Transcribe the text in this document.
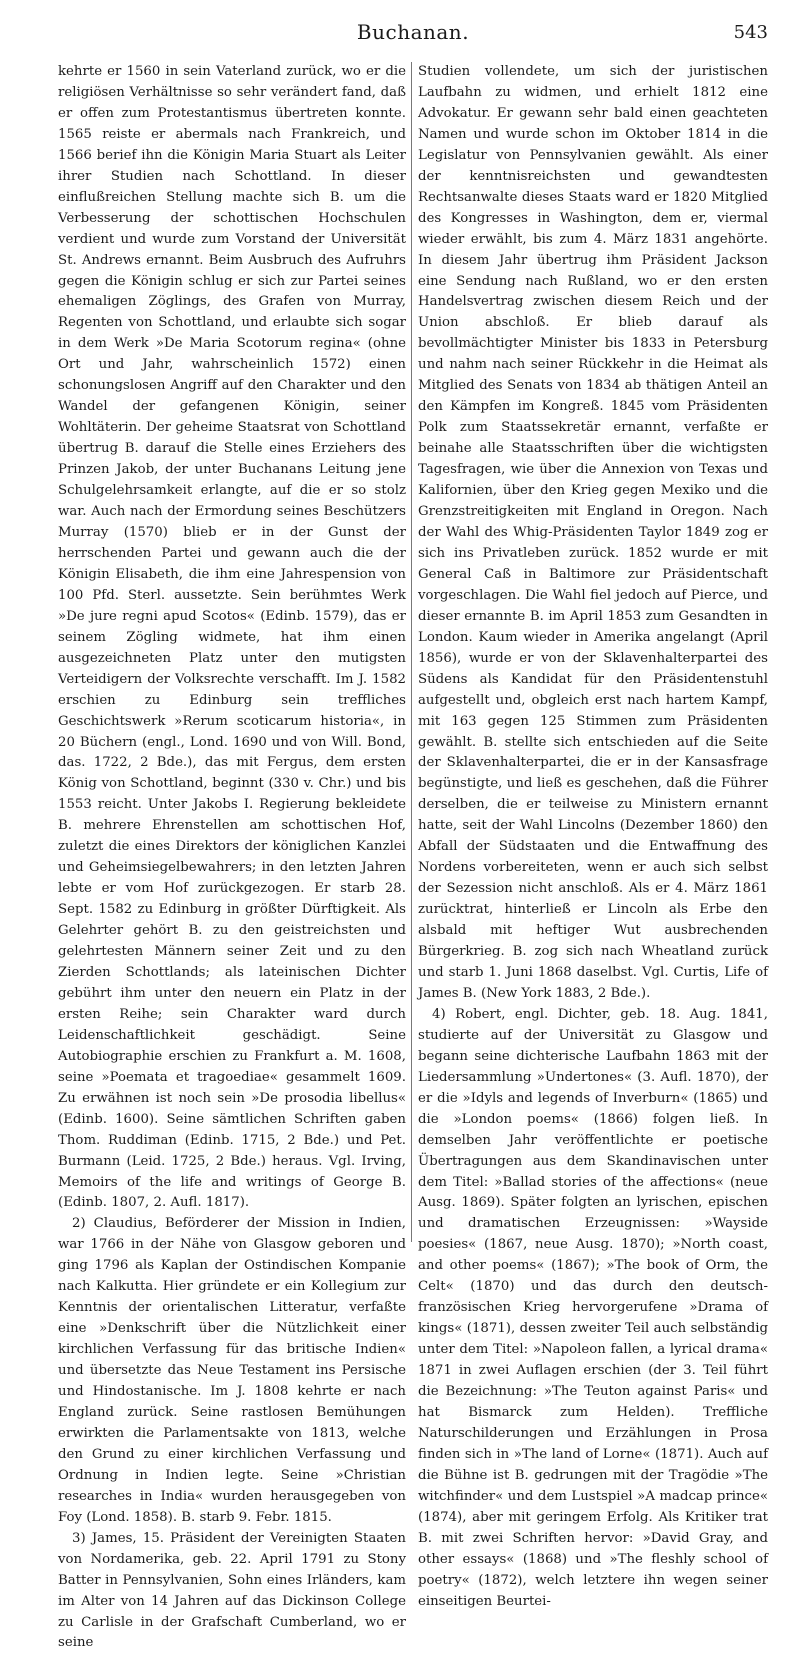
Buchanan.	543

kehrte er 1560 in sein Vaterland zurück, wo er die religiösen Verhältnisse so sehr verändert fand, daß er offen zum Protestantismus übertreten konnte. 1565 reiste er abermals nach Frankreich, und 1566 berief ihn die Königin Maria Stuart als Leiter ihrer Studien nach Schottland. In dieser einflußreichen Stellung machte sich B. um die Verbesserung der schottischen Hochschulen verdient und wurde zum Vorstand der Universität St. Andrews ernannt. Beim Ausbruch des Aufruhrs gegen die Königin schlug er sich zur Partei seines ehemaligen Zöglings, des Grafen von Murray, Regenten von Schottland, und erlaubte sich sogar in dem Werk »De Maria Scotorum regina« (ohne Ort und Jahr, wahrscheinlich 1572) einen schonungslosen Angriff auf den Charakter und den Wandel der gefangenen Königin, seiner Wohltäterin. Der geheime Staatsrat von Schottland übertrug B. darauf die Stelle eines Erziehers des Prinzen Jakob, der unter Buchanans Leitung jene Schulgelehrsamkeit erlangte, auf die er so stolz war. Auch nach der Ermordung seines Beschützers Murray (1570) blieb er in der Gunst der herrschenden Partei und gewann auch die der Königin Elisabeth, die ihm eine Jahrespension von 100 Pfd. Sterl. aussetzte. Sein berühmtes Werk »De jure regni apud Scotos« (Edinb. 1579), das er seinem Zögling widmete, hat ihm einen ausgezeichneten Platz unter den mutigsten Verteidigern der Volksrechte verschafft. Im J. 1582 erschien zu Edinburg sein treffliches Geschichtswerk »Rerum scoticarum historia«, in 20 Büchern (engl., Lond. 1690 und von Will. Bond, das. 1722, 2 Bde.), das mit Fergus, dem ersten König von Schottland, beginnt (330 v. Chr.) und bis 1553 reicht. Unter Jakobs I. Regierung bekleidete B. mehrere Ehrenstellen am schottischen Hof, zuletzt die eines Direktors der königlichen Kanzlei und Geheimsiegelbewahrers; in den letzten Jahren lebte er vom Hof zurückgezogen. Er starb 28. Sept. 1582 zu Edinburg in größter Dürftigkeit. Als Gelehrter gehört B. zu den geistreichsten und gelehrtesten Männern seiner Zeit und zu den Zierden Schottlands; als lateinischen Dichter gebührt ihm unter den neuern ein Platz in der ersten Reihe; sein Charakter ward durch Leidenschaftlichkeit geschädigt. Seine Autobiographie erschien zu Frankfurt a. M. 1608, seine »Poemata et tragoediae« gesammelt 1609. Zu erwähnen ist noch sein »De prosodia libellus« (Edinb. 1600). Seine sämtlichen Schriften gaben Thom. Ruddiman (Edinb. 1715, 2 Bde.) und Pet. Burmann (Leid. 1725, 2 Bde.) heraus. Vgl. Irving, Memoirs of the life and writings of George B. (Edinb. 1807, 2. Aufl. 1817).

2) Claudius, Beförderer der Mission in Indien, war 1766 in der Nähe von Glasgow geboren und ging 1796 als Kaplan der Ostindischen Kompanie nach Kalkutta. Hier gründete er ein Kollegium zur Kenntnis der orientalischen Litteratur, verfaßte eine »Denkschrift über die Nützlichkeit einer kirchlichen Verfassung für das britische Indien« und übersetzte das Neue Testament ins Persische und Hindostanische. Im J. 1808 kehrte er nach England zurück. Seine rastlosen Bemühungen erwirkten die Parlamentsakte von 1813, welche den Grund zu einer kirchlichen Verfassung und Ordnung in Indien legte. Seine »Christian researches in India« wurden herausgegeben von Foy (Lond. 1858). B. starb 9. Febr. 1815.

3) James, 15. Präsident der Vereinigten Staaten von Nordamerika, geb. 22. April 1791 zu Stony Batter in Pennsylvanien, Sohn eines Irländers, kam im Alter von 14 Jahren auf das Dickinson College zu Carlisle in der Grafschaft Cumberland, wo er seine

Studien vollendete, um sich der juristischen Laufbahn zu widmen, und erhielt 1812 eine Advokatur. Er gewann sehr bald einen geachteten Namen und wurde schon im Oktober 1814 in die Legislatur von Pennsylvanien gewählt. Als einer der kenntnisreichsten und gewandtesten Rechtsanwalte dieses Staats ward er 1820 Mitglied des Kongresses in Washington, dem er, viermal wieder erwählt, bis zum 4. März 1831 angehörte. In diesem Jahr übertrug ihm Präsident Jackson eine Sendung nach Rußland, wo er den ersten Handelsvertrag zwischen diesem Reich und der Union abschloß. Er blieb darauf als bevollmächtigter Minister bis 1833 in Petersburg und nahm nach seiner Rückkehr in die Heimat als Mitglied des Senats von 1834 ab thätigen Anteil an den Kämpfen im Kongreß. 1845 vom Präsidenten Polk zum Staatssekretär ernannt, verfaßte er beinahe alle Staatsschriften über die wichtigsten Tagesfragen, wie über die Annexion von Texas und Kalifornien, über den Krieg gegen Mexiko und die Grenzstreitigkeiten mit England in Oregon. Nach der Wahl des Whig-Präsidenten Taylor 1849 zog er sich ins Privatleben zurück. 1852 wurde er mit General Caß in Baltimore zur Präsidentschaft vorgeschlagen. Die Wahl fiel jedoch auf Pierce, und dieser ernannte B. im April 1853 zum Gesandten in London. Kaum wieder in Amerika angelangt (April 1856), wurde er von der Sklavenhalterpartei des Südens als Kandidat für den Präsidentenstuhl aufgestellt und, obgleich erst nach hartem Kampf, mit 163 gegen 125 Stimmen zum Präsidenten gewählt. B. stellte sich entschieden auf die Seite der Sklavenhalterpartei, die er in der Kansasfrage begünstigte, und ließ es geschehen, daß die Führer derselben, die er teilweise zu Ministern ernannt hatte, seit der Wahl Lincolns (Dezember 1860) den Abfall der Südstaaten und die Entwaffnung des Nordens vorbereiteten, wenn er auch sich selbst der Sezession nicht anschloß. Als er 4. März 1861 zurücktrat, hinterließ er Lincoln als Erbe den alsbald mit heftiger Wut ausbrechenden Bürgerkrieg. B. zog sich nach Wheatland zurück und starb 1. Juni 1868 daselbst. Vgl. Curtis, Life of James B. (New York 1883, 2 Bde.).

4) Robert, engl. Dichter, geb. 18. Aug. 1841, studierte auf der Universität zu Glasgow und begann seine dichterische Laufbahn 1863 mit der Liedersammlung »Undertones« (3. Aufl. 1870), der er die »Idyls and legends of Inverburn« (1865) und die »London poems« (1866) folgen ließ. In demselben Jahr veröffentlichte er poetische Übertragungen aus dem Skandinavischen unter dem Titel: »Ballad stories of the affections« (neue Ausg. 1869). Später folgten an lyrischen, epischen und dramatischen Erzeugnissen: »Wayside poesies« (1867, neue Ausg. 1870); »North coast, and other poems« (1867); »The book of Orm, the Celt« (1870) und das durch den deutsch-französischen Krieg hervorgerufene »Drama of kings« (1871), dessen zweiter Teil auch selbständig unter dem Titel: »Napoleon fallen, a lyrical drama« 1871 in zwei Auflagen erschien (der 3. Teil führt die Bezeichnung: »The Teuton against Paris« und hat Bismarck zum Helden). Treffliche Naturschilderungen und Erzählungen in Prosa finden sich in »The land of Lorne« (1871). Auch auf die Bühne ist B. gedrungen mit der Tragödie »The witchfinder« und dem Lustspiel »A madcap prince« (1874), aber mit geringem Erfolg. Als Kritiker trat B. mit zwei Schriften hervor: »David Gray, and other essays« (1868) und »The fleshly school of poetry« (1872), welch letztere ihn wegen seiner einseitigen Beurtei-
